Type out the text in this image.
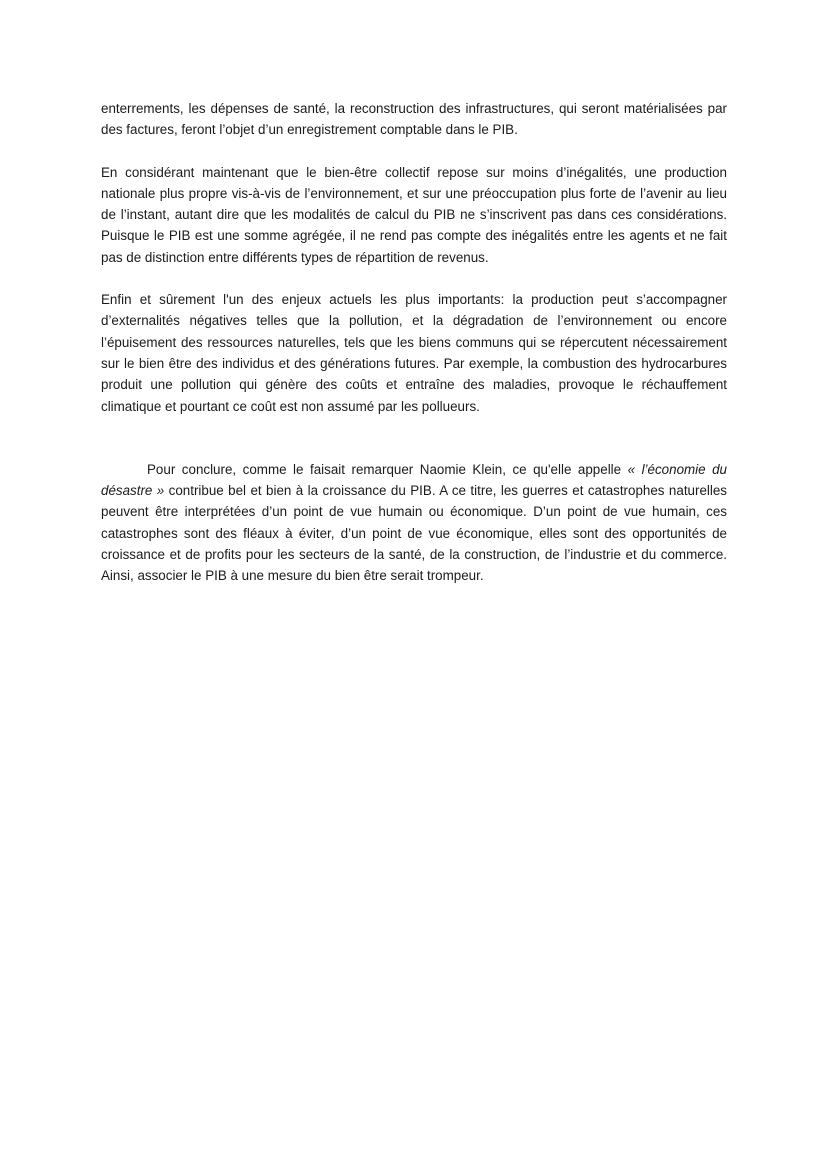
enterrements, les dépenses de santé, la reconstruction des infrastructures, qui seront matérialisées par des factures, feront l’objet d’un enregistrement comptable dans le PIB.

En considérant maintenant que le bien-être collectif repose sur moins d’inégalités, une production nationale plus propre vis-à-vis de l’environnement, et sur une préoccupation plus forte de l’avenir au lieu de l’instant, autant dire que les modalités de calcul du PIB ne s’inscrivent pas dans ces considérations. Puisque le PIB est une somme agrégée, il ne rend pas compte des inégalités entre les agents et ne fait pas de distinction entre différents types de répartition de revenus.

Enfin et sûrement l'un des enjeux actuels les plus importants: la production peut s’accompagner d’externalités négatives telles que la pollution, et la dégradation de l’environnement ou encore l’épuisement des ressources naturelles, tels que les biens communs qui se répercutent nécessairement sur le bien être des individus et des générations futures. Par exemple, la combustion des hydrocarbures produit une pollution qui génère des coûts et entraîne des maladies, provoque le réchauffement climatique et pourtant ce coût est non assumé par les pollueurs.

Pour conclure, comme le faisait remarquer Naomie Klein, ce qu'elle appelle « l’économie du désastre » contribue bel et bien à la croissance du PIB. A ce titre, les guerres et catastrophes naturelles peuvent être interprétées d’un point de vue humain ou économique. D’un point de vue humain, ces catastrophes sont des fléaux à éviter, d’un point de vue économique, elles sont des opportunités de croissance et de profits pour les secteurs de la santé, de la construction, de l’industrie et du commerce. Ainsi, associer le PIB à une mesure du bien être serait trompeur.
